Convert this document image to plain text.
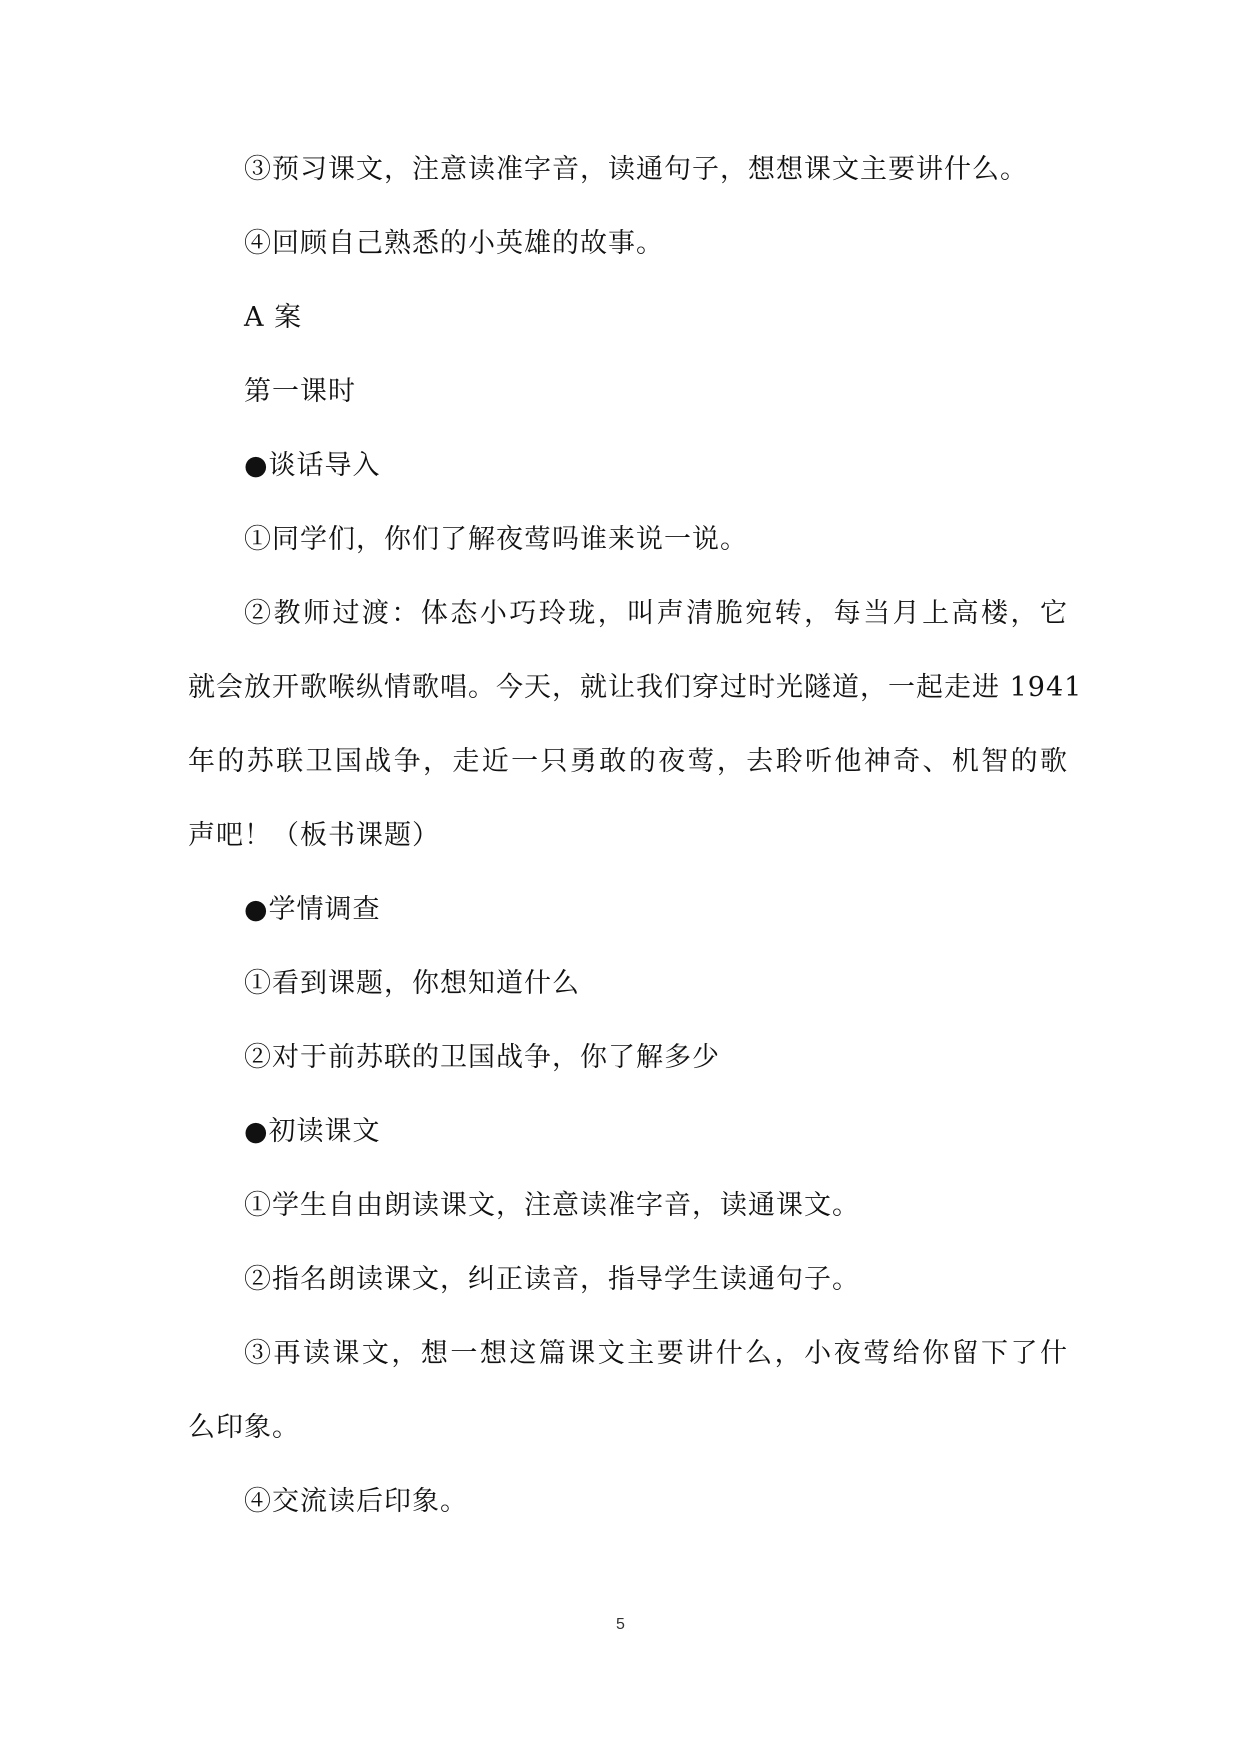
③预习课文，注意读准字音，读通句子，想想课文主要讲什么。
④回顾自己熟悉的小英雄的故事。
A 案
第一课时
●谈话导入
①同学们，你们了解夜莺吗谁来说一说。
②教师过渡：体态小巧玲珑，叫声清脆宛转，每当月上高楼，它
就会放开歌喉纵情歌唱。今天，就让我们穿过时光隧道，一起走进 1941
年的苏联卫国战争，走近一只勇敢的夜莺，去聆听他神奇、机智的歌
声吧！（板书课题）
●学情调查
①看到课题，你想知道什么
②对于前苏联的卫国战争，你了解多少
●初读课文
①学生自由朗读课文，注意读准字音，读通课文。
②指名朗读课文，纠正读音，指导学生读通句子。
③再读课文，想一想这篇课文主要讲什么，小夜莺给你留下了什
么印象。
④交流读后印象。
5
